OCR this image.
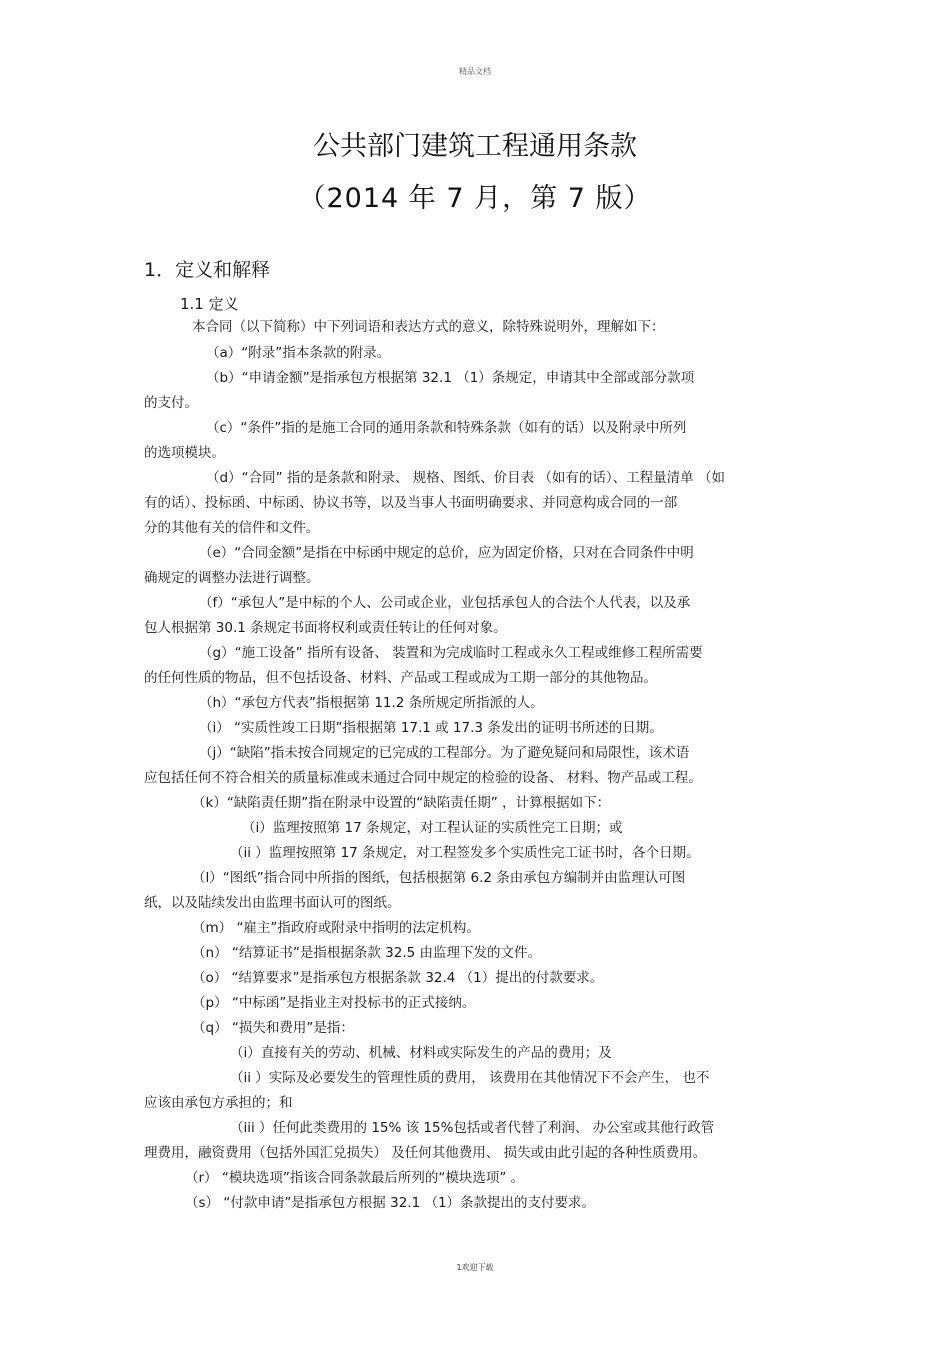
精品文档
公共部门建筑工程通用条款
（2014 年 7 月，第 7 版）
1．定义和解释
1.1 定义
本合同（以下简称）中下列词语和表达方式的意义，除特殊说明外，理解如下：
（a）“附录”指本条款的附录。
（b）“申请金额”是指承包方根据第 32.1 （1）条规定，申请其中全部或部分款项
的支付。
（c）“条件”指的是施工合同的通用条款和特殊条款（如有的话）以及附录中所列
的选项模块。
（d）“合同” 指的是条款和附录、 规格、图纸、价目表 （如有的话）、工程量清单 （如
有的话）、投标函、中标函、协议书等，以及当事人书面明确要求、并同意构成合同的一部
分的其他有关的信件和文件。
（e）“合同金额”是指在中标函中规定的总价，应为固定价格，只对在合同条件中明
确规定的调整办法进行调整。
（f）“承包人”是中标的个人、公司或企业，业包括承包人的合法个人代表，以及承
包人根据第 30.1 条规定书面将权利或责任转让的任何对象。
（g）“施工设备” 指所有设备、 装置和为完成临时工程或永久工程或维修工程所需要
的任何性质的物品，但不包括设备、材料、产品或工程或成为工期一部分的其他物品。
（h）“承包方代表”指根据第 11.2 条所规定所指派的人。
（i） “实质性竣工日期”指根据第 17.1 或 17.3 条发出的证明书所述的日期。
（j）“缺陷”指未按合同规定的已完成的工程部分。为了避免疑问和局限性，该术语
应包括任何不符合相关的质量标准或未通过合同中规定的检验的设备、 材料、物产品或工程。
（k）“缺陷责任期”指在附录中设置的“缺陷责任期” ，计算根据如下：
（i）监理按照第 17 条规定，对工程认证的实质性完工日期；或
（ii ）监理按照第 17 条规定，对工程签发多个实质性完工证书时，各个日期。
（l）“图纸”指合同中所指的图纸，包括根据第 6.2 条由承包方编制并由监理认可图
纸，以及陆续发出由监理书面认可的图纸。
（m） “雇主”指政府或附录中指明的法定机构。
（n） “结算证书”是指根据条款 32.5 由监理下发的文件。
（o） “结算要求”是指承包方根据条款 32.4 （1）提出的付款要求。
（p） “中标函”是指业主对投标书的正式接纳。
（q） “损失和费用”是指：
（i）直接有关的劳动、机械、材料或实际发生的产品的费用；及
（ii ）实际及必要发生的管理性质的费用， 该费用在其他情况下不会产生， 也不
应该由承包方承担的；和
（iii ）任何此类费用的 15% 该 15%包括或者代替了利润、 办公室或其他行政管
理费用，融资费用（包括外国汇兑损失） 及任何其他费用、 损失或由此引起的各种性质费用。
（r） “模块选项”指该合同条款最后所列的“模块选项” 。
（s） “付款申请”是指承包方根据 32.1 （1）条款提出的支付要求。
1欢迎下载
